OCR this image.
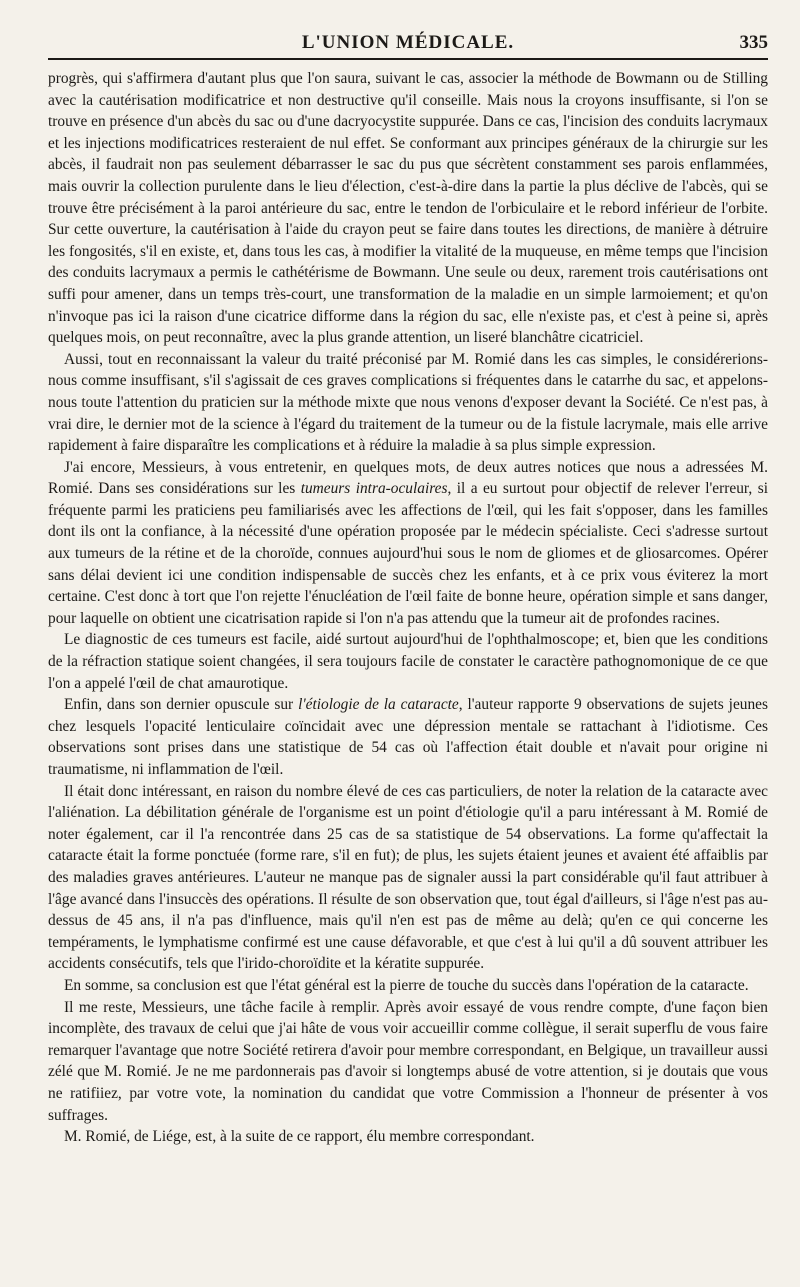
L'UNION MÉDICALE.	335

progrès, qui s'affirmera d'autant plus que l'on saura, suivant le cas, associer la méthode de Bowmann ou de Stilling avec la cautérisation modificatrice et non destructive qu'il conseille. Mais nous la croyons insuffisante, si l'on se trouve en présence d'un abcès du sac ou d'une dacryocystite suppurée. Dans ce cas, l'incision des conduits lacrymaux et les injections modificatrices resteraient de nul effet. Se conformant aux principes généraux de la chirurgie sur les abcès, il faudrait non pas seulement débarrasser le sac du pus que sécrètent constamment ses parois enflammées, mais ouvrir la collection purulente dans le lieu d'élection, c'est-à-dire dans la partie la plus déclive de l'abcès, qui se trouve être précisément à la paroi antérieure du sac, entre le tendon de l'orbiculaire et le rebord inférieur de l'orbite. Sur cette ouverture, la cautérisation à l'aide du crayon peut se faire dans toutes les directions, de manière à détruire les fongosités, s'il en existe, et, dans tous les cas, à modifier la vitalité de la muqueuse, en même temps que l'incision des conduits lacrymaux a permis le cathétérisme de Bowmann. Une seule ou deux, rarement trois cautérisations ont suffi pour amener, dans un temps très-court, une transformation de la maladie en un simple larmoiement; et qu'on n'invoque pas ici la raison d'une cicatrice difforme dans la région du sac, elle n'existe pas, et c'est à peine si, après quelques mois, on peut reconnaître, avec la plus grande attention, un liseré blanchâtre cicatriciel.

Aussi, tout en reconnaissant la valeur du traité préconisé par M. Romié dans les cas simples, le considérerions-nous comme insuffisant, s'il s'agissait de ces graves complications si fréquentes dans le catarrhe du sac, et appelons-nous toute l'attention du praticien sur la méthode mixte que nous venons d'exposer devant la Société. Ce n'est pas, à vrai dire, le dernier mot de la science à l'égard du traitement de la tumeur ou de la fistule lacrymale, mais elle arrive rapidement à faire disparaître les complications et à réduire la maladie à sa plus simple expression.

J'ai encore, Messieurs, à vous entretenir, en quelques mots, de deux autres notices que nous a adressées M. Romié. Dans ses considérations sur les tumeurs intra-oculaires, il a eu surtout pour objectif de relever l'erreur, si fréquente parmi les praticiens peu familiarisés avec les affections de l'œil, qui les fait s'opposer, dans les familles dont ils ont la confiance, à la nécessité d'une opération proposée par le médecin spécialiste. Ceci s'adresse surtout aux tumeurs de la rétine et de la choroïde, connues aujourd'hui sous le nom de gliomes et de gliosarcomes. Opérer sans délai devient ici une condition indispensable de succès chez les enfants, et à ce prix vous éviterez la mort certaine. C'est donc à tort que l'on rejette l'énucléation de l'œil faite de bonne heure, opération simple et sans danger, pour laquelle on obtient une cicatrisation rapide si l'on n'a pas attendu que la tumeur ait de profondes racines.

Le diagnostic de ces tumeurs est facile, aidé surtout aujourd'hui de l'ophthalmoscope; et, bien que les conditions de la réfraction statique soient changées, il sera toujours facile de constater le caractère pathognomonique de ce que l'on a appelé l'œil de chat amaurotique.

Enfin, dans son dernier opuscule sur l'étiologie de la cataracte, l'auteur rapporte 9 observations de sujets jeunes chez lesquels l'opacité lenticulaire coïncidait avec une dépression mentale se rattachant à l'idiotisme. Ces observations sont prises dans une statistique de 54 cas où l'affection était double et n'avait pour origine ni traumatisme, ni inflammation de l'œil.

Il était donc intéressant, en raison du nombre élevé de ces cas particuliers, de noter la relation de la cataracte avec l'aliénation. La débilitation générale de l'organisme est un point d'étiologie qu'il a paru intéressant à M. Romié de noter également, car il l'a rencontrée dans 25 cas de sa statistique de 54 observations. La forme qu'affectait la cataracte était la forme ponctuée (forme rare, s'il en fut); de plus, les sujets étaient jeunes et avaient été affaiblis par des maladies graves antérieures. L'auteur ne manque pas de signaler aussi la part considérable qu'il faut attribuer à l'âge avancé dans l'insuccès des opérations. Il résulte de son observation que, tout égal d'ailleurs, si l'âge n'est pas au-dessus de 45 ans, il n'a pas d'influence, mais qu'il n'en est pas de même au delà; qu'en ce qui concerne les tempéraments, le lymphatisme confirmé est une cause défavorable, et que c'est à lui qu'il a dû souvent attribuer les accidents consécutifs, tels que l'irido-choroïdite et la kératite suppurée.

En somme, sa conclusion est que l'état général est la pierre de touche du succès dans l'opération de la cataracte.

Il me reste, Messieurs, une tâche facile à remplir. Après avoir essayé de vous rendre compte, d'une façon bien incomplète, des travaux de celui que j'ai hâte de vous voir accueillir comme collègue, il serait superflu de vous faire remarquer l'avantage que notre Société retirera d'avoir pour membre correspondant, en Belgique, un travailleur aussi zélé que M. Romié. Je ne me pardonnerais pas d'avoir si longtemps abusé de votre attention, si je doutais que vous ne ratifiiez, par votre vote, la nomination du candidat que votre Commission a l'honneur de présenter à vos suffrages.

M. Romié, de Liége, est, à la suite de ce rapport, élu membre correspondant.
